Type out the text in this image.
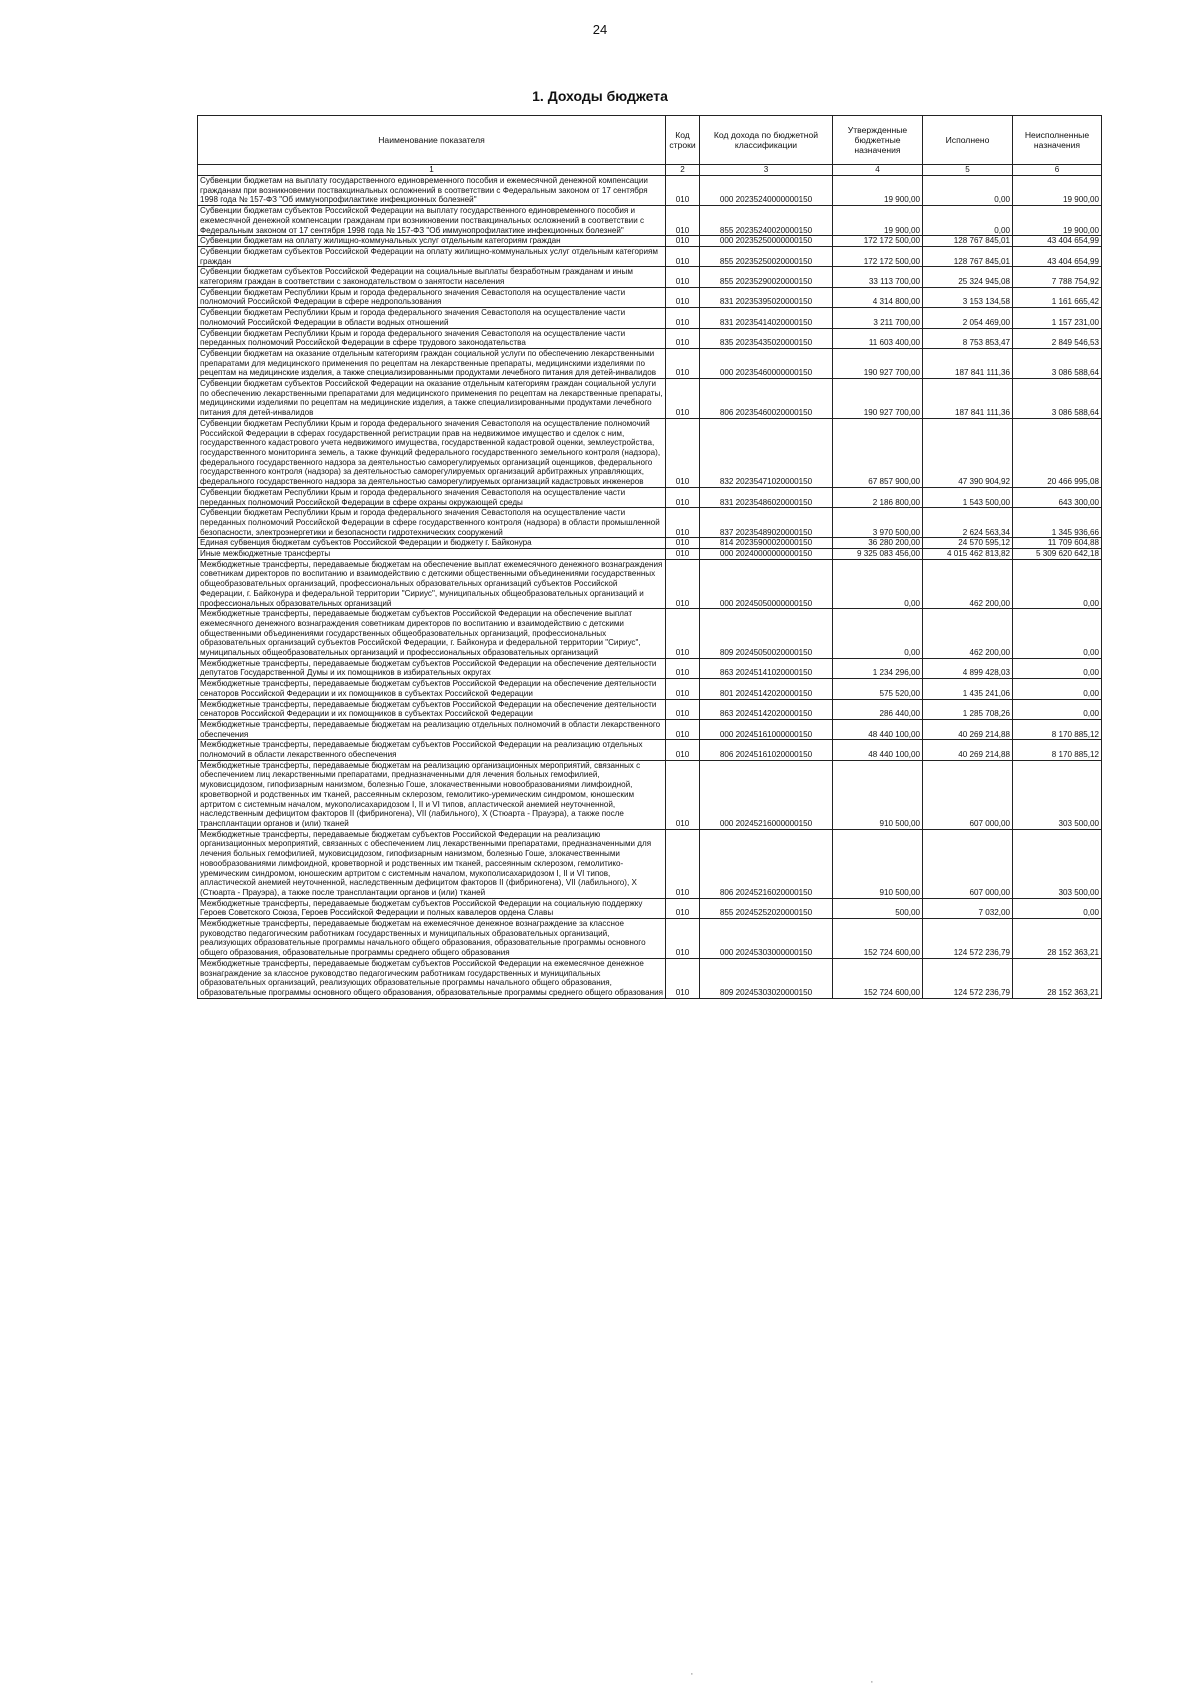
24
1. Доходы бюджета
Наименование показателя	Код строки	Код дохода по бюджетной классификации	Утвержденные бюджетные назначения	Исполнено	Неисполненные назначения
1	2	3	4	5	6
Субвенции бюджетам на выплату государственного единовременного пособия и ежемесячной денежной компенсации гражданам при возникновении поствакцинальных осложнений в соответствии с Федеральным законом от 17 сентября 1998 года № 157-ФЗ "Об иммунопрофилактике инфекционных болезней"	010	000 20235240000000150	19 900,00	0,00	19 900,00
Субвенции бюджетам субъектов Российской Федерации на выплату государственного единовременного пособия и ежемесячной денежной компенсации гражданам при возникновении поствакцинальных осложнений в соответствии с Федеральным законом от 17 сентября 1998 года № 157-ФЗ "Об иммунопрофилактике инфекционных болезней"	010	855 20235240020000150	19 900,00	0,00	19 900,00
Субвенции бюджетам на оплату жилищно-коммунальных услуг отдельным категориям граждан	010	000 20235250000000150	172 172 500,00	128 767 845,01	43 404 654,99
Субвенции бюджетам субъектов Российской Федерации на оплату жилищно-коммунальных услуг отдельным категориям граждан	010	855 20235250020000150	172 172 500,00	128 767 845,01	43 404 654,99
Субвенции бюджетам субъектов Российской Федерации на социальные выплаты безработным гражданам и иным категориям граждан в соответствии с законодательством о занятости населения	010	855 20235290020000150	33 113 700,00	25 324 945,08	7 788 754,92
Субвенции бюджетам Республики Крым и города федерального значения Севастополя на осуществление части полномочий Российской Федерации в сфере недропользования	010	831 20235395020000150	4 314 800,00	3 153 134,58	1 161 665,42
Субвенции бюджетам Республики Крым и города федерального значения Севастополя на осуществление части полномочий Российской Федерации в области водных отношений	010	831 20235414020000150	3 211 700,00	2 054 469,00	1 157 231,00
Субвенции бюджетам Республики Крым и города федерального значения Севастополя на осуществление части переданных полномочий Российской Федерации в сфере трудового законодательства	010	835 20235435020000150	11 603 400,00	8 753 853,47	2 849 546,53
Субвенции бюджетам на оказание отдельным категориям граждан социальной услуги по обеспечению лекарственными препаратами для медицинского применения по рецептам на лекарственные препараты, медицинскими изделиями по рецептам на медицинские изделия, а также специализированными продуктами лечебного питания для детей-инвалидов	010	000 20235460000000150	190 927 700,00	187 841 111,36	3 086 588,64
Субвенции бюджетам субъектов Российской Федерации на оказание отдельным категориям граждан социальной услуги по обеспечению лекарственными препаратами для медицинского применения по рецептам на лекарственные препараты, медицинскими изделиями по рецептам на медицинские изделия, а также специализированными продуктами лечебного питания для детей-инвалидов	010	806 20235460020000150	190 927 700,00	187 841 111,36	3 086 588,64
Субвенции бюджетам Республики Крым и города федерального значения Севастополя на осуществление полномочий Российской Федерации в сферах государственной регистрации прав на недвижимое имущество и сделок с ним, государственного кадастрового учета недвижимого имущества, государственной кадастровой оценки, землеустройства, государственного мониторинга земель, а также функций федерального государственного земельного контроля (надзора), федерального государственного надзора за деятельностью саморегулируемых организаций оценщиков, федерального государственного контроля (надзора) за деятельностью саморегулируемых организаций арбитражных управляющих, федерального государственного надзора за деятельностью саморегулируемых организаций кадастровых инженеров	010	832 20235471020000150	67 857 900,00	47 390 904,92	20 466 995,08
Субвенции бюджетам Республики Крым и города федерального значения Севастополя на осуществление части переданных полномочий Российской Федерации в сфере охраны окружающей среды	010	831 20235486020000150	2 186 800,00	1 543 500,00	643 300,00
Субвенции бюджетам Республики Крым и города федерального значения Севастополя на осуществление части переданных полномочий Российской Федерации в сфере государственного контроля (надзора) в области промышленной безопасности, электроэнергетики и безопасности гидротехнических сооружений	010	837 20235489020000150	3 970 500,00	2 624 563,34	1 345 936,66
Единая субвенция бюджетам субъектов Российской Федерации и бюджету г. Байконура	010	814 20235900020000150	36 280 200,00	24 570 595,12	11 709 604,88
Иные межбюджетные трансферты	010	000 20240000000000150	9 325 083 456,00	4 015 462 813,82	5 309 620 642,18
Межбюджетные трансферты, передаваемые бюджетам на обеспечение выплат ежемесячного денежного вознаграждения советникам директоров по воспитанию и взаимодействию с детскими общественными объединениями государственных общеобразовательных организаций, профессиональных образовательных организаций субъектов Российской Федерации, г. Байконура и федеральной территории "Сириус", муниципальных общеобразовательных организаций и профессиональных образовательных организаций	010	000 20245050000000150	0,00	462 200,00	0,00
Межбюджетные трансферты, передаваемые бюджетам субъектов Российской Федерации на обеспечение выплат ежемесячного денежного вознаграждения советникам директоров по воспитанию и взаимодействию с детскими общественными объединениями государственных общеобразовательных организаций, профессиональных образовательных организаций субъектов Российской Федерации, г. Байконура и федеральной территории "Сириус", муниципальных общеобразовательных организаций и профессиональных образовательных организаций	010	809 20245050020000150	0,00	462 200,00	0,00
Межбюджетные трансферты, передаваемые бюджетам субъектов Российской Федерации на обеспечение деятельности депутатов Государственной Думы и их помощников в избирательных округах	010	863 20245141020000150	1 234 296,00	4 899 428,03	0,00
Межбюджетные трансферты, передаваемые бюджетам субъектов Российской Федерации на обеспечение деятельности сенаторов Российской Федерации и их помощников в субъектах Российской Федерации	010	801 20245142020000150	575 520,00	1 435 241,06	0,00
Межбюджетные трансферты, передаваемые бюджетам субъектов Российской Федерации на обеспечение деятельности сенаторов Российской Федерации и их помощников в субъектах Российской Федерации	010	863 20245142020000150	286 440,00	1 285 708,26	0,00
Межбюджетные трансферты, передаваемые бюджетам на реализацию отдельных полномочий в области лекарственного обеспечения	010	000 20245161000000150	48 440 100,00	40 269 214,88	8 170 885,12
Межбюджетные трансферты, передаваемые бюджетам субъектов Российской Федерации на реализацию отдельных полномочий в области лекарственного обеспечения	010	806 20245161020000150	48 440 100,00	40 269 214,88	8 170 885,12
Межбюджетные трансферты, передаваемые бюджетам на реализацию организационных мероприятий, связанных с обеспечением лиц лекарственными препаратами, предназначенными для лечения больных гемофилией, муковисцидозом, гипофизарным нанизмом, болезнью Гоше, злокачественными новообразованиями лимфоидной, кроветворной и родственных им тканей, рассеянным склерозом, гемолитико-уремическим синдромом, юношеским артритом с системным началом, мукополисахаридозом I, II и VI типов, апластической анемией неуточненной, наследственным дефицитом факторов II (фибриногена), VII (лабильного), X (Стюарта - Прауэра), а также после трансплантации органов и (или) тканей	010	000 20245216000000150	910 500,00	607 000,00	303 500,00
Межбюджетные трансферты, передаваемые бюджетам субъектов Российской Федерации на реализацию организационных мероприятий, связанных с обеспечением лиц лекарственными препаратами, предназначенными для лечения больных гемофилией, муковисцидозом, гипофизарным нанизмом, болезнью Гоше, злокачественными новообразованиями лимфоидной, кроветворной и родственных им тканей, рассеянным склерозом, гемолитико-уремическим синдромом, юношеским артритом с системным началом, мукополисахаридозом I, II и VI типов, апластической анемией неуточненной, наследственным дефицитом факторов II (фибриногена), VII (лабильного), X (Стюарта - Прауэра), а также после трансплантации органов и (или) тканей	010	806 20245216020000150	910 500,00	607 000,00	303 500,00
Межбюджетные трансферты, передаваемые бюджетам субъектов Российской Федерации на социальную поддержку Героев Советского Союза, Героев Российской Федерации и полных кавалеров ордена Славы	010	855 20245252020000150	500,00	7 032,00	0,00
Межбюджетные трансферты, передаваемые бюджетам на ежемесячное денежное вознаграждение за классное руководство педагогическим работникам государственных и муниципальных образовательных организаций, реализующих образовательные программы начального общего образования, образовательные программы основного общего образования, образовательные программы среднего общего образования	010	000 20245303000000150	152 724 600,00	124 572 236,79	28 152 363,21
Межбюджетные трансферты, передаваемые бюджетам субъектов Российской Федерации на ежемесячное денежное вознаграждение за классное руководство педагогическим работникам государственных и муниципальных образовательных организаций, реализующих образовательные программы начального общего образования, образовательные программы основного общего образования, образовательные программы среднего общего образования	010	809 20245303020000150	152 724 600,00	124 572 236,79	28 152 363,21
·
·
